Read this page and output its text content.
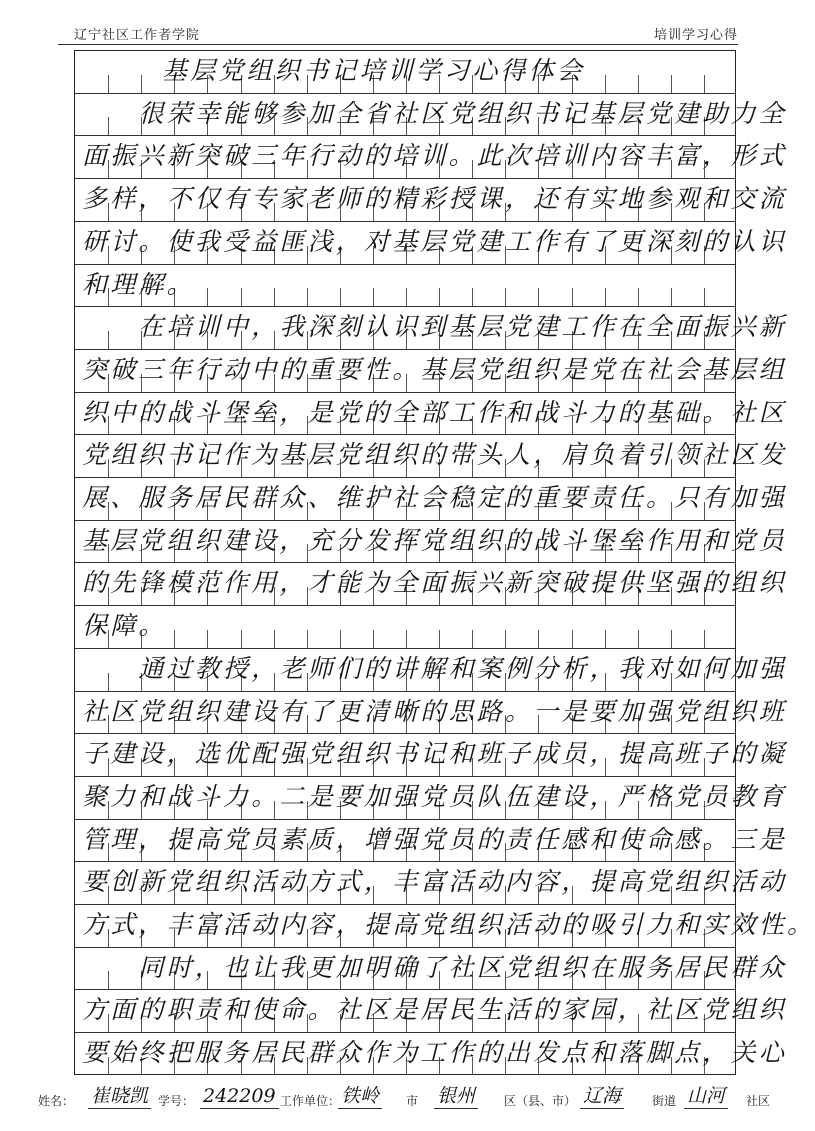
辽宁社区工作者学院	培训学习心得
基层党组织书记培训学习心得体会
　　很荣幸能够参加全省社区党组织书记基层党建助力全
面振兴新突破三年行动的培训。此次培训内容丰富，形式
多样，不仅有专家老师的精彩授课，还有实地参观和交流
研讨。使我受益匪浅，对基层党建工作有了更深刻的认识
和理解。
　　在培训中，我深刻认识到基层党建工作在全面振兴新
突破三年行动中的重要性。基层党组织是党在社会基层组
织中的战斗堡垒，是党的全部工作和战斗力的基础。社区
党组织书记作为基层党组织的带头人，肩负着引领社区发
展、服务居民群众、维护社会稳定的重要责任。只有加强
基层党组织建设，充分发挥党组织的战斗堡垒作用和党员
的先锋模范作用，才能为全面振兴新突破提供坚强的组织
保障。
　　通过教授，老师们的讲解和案例分析，我对如何加强
社区党组织建设有了更清晰的思路。一是要加强党组织班
子建设，选优配强党组织书记和班子成员，提高班子的凝
聚力和战斗力。二是要加强党员队伍建设，严格党员教育
管理，提高党员素质，增强党员的责任感和使命感。三是
要创新党组织活动方式，丰富活动内容，提高党组织活动
方式，丰富活动内容，提高党组织活动的吸引力和实效性。
　　同时，也让我更加明确了社区党组织在服务居民群众
方面的职责和使命。社区是居民生活的家园，社区党组织
要始终把服务居民群众作为工作的出发点和落脚点，关心
姓名： 崔晓凯 学号： 242209 工作单位： 铁岭 市 银州 区（县、市） 辽海	街道 山河 社区
